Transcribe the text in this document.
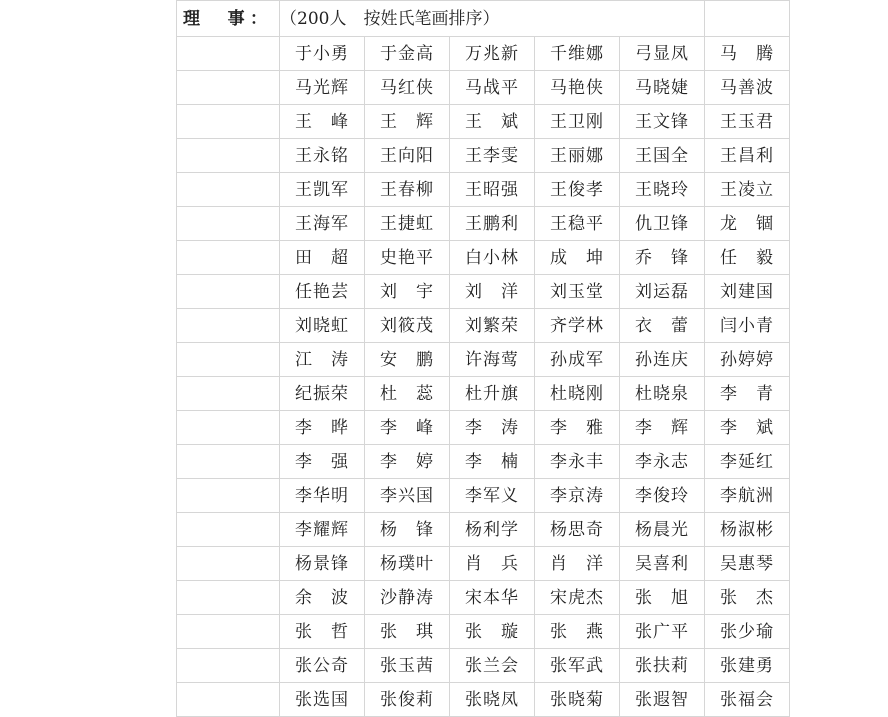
理　事：	（200人　按姓氏笔画排序）					
	于小勇	于金高	万兆新	千维娜	弓显凤	马　腾
	马光辉	马红侠	马战平	马艳侠	马晓婕	马善波
	王　峰	王　辉	王　斌	王卫刚	王文锋	王玉君
	王永铭	王向阳	王李雯	王丽娜	王国全	王昌利
	王凯军	王春柳	王昭强	王俊孝	王晓玲	王凌立
	王海军	王捷虹	王鹏利	王稳平	仇卫锋	龙　锢
	田　超	史艳平	白小林	成　坤	乔　锋	任　毅
	任艳芸	刘　宇	刘　洋	刘玉堂	刘运磊	刘建国
	刘晓虹	刘筱茂	刘繁荣	齐学林	衣　蕾	闫小青
	江　涛	安　鹏	许海莺	孙成军	孙连庆	孙婷婷
	纪振荣	杜　蕊	杜升旗	杜晓刚	杜晓泉	李　青
	李　晔	李　峰	李　涛	李　雅	李　辉	李　斌
	李　强	李　婷	李　楠	李永丰	李永志	李延红
	李华明	李兴国	李军义	李京涛	李俊玲	李航洲
	李耀辉	杨　锋	杨利学	杨思奇	杨晨光	杨淑彬
	杨景锋	杨璞叶	肖　兵	肖　洋	吴喜利	吴惠琴
	余　波	沙静涛	宋本华	宋虎杰	张　旭	张　杰
	张　哲	张　琪	张　璇	张　燕	张广平	张少瑜
	张公奇	张玉茜	张兰会	张军武	张扶莉	张建勇
	张选国	张俊莉	张晓凤	张晓菊	张遐智	张福会
